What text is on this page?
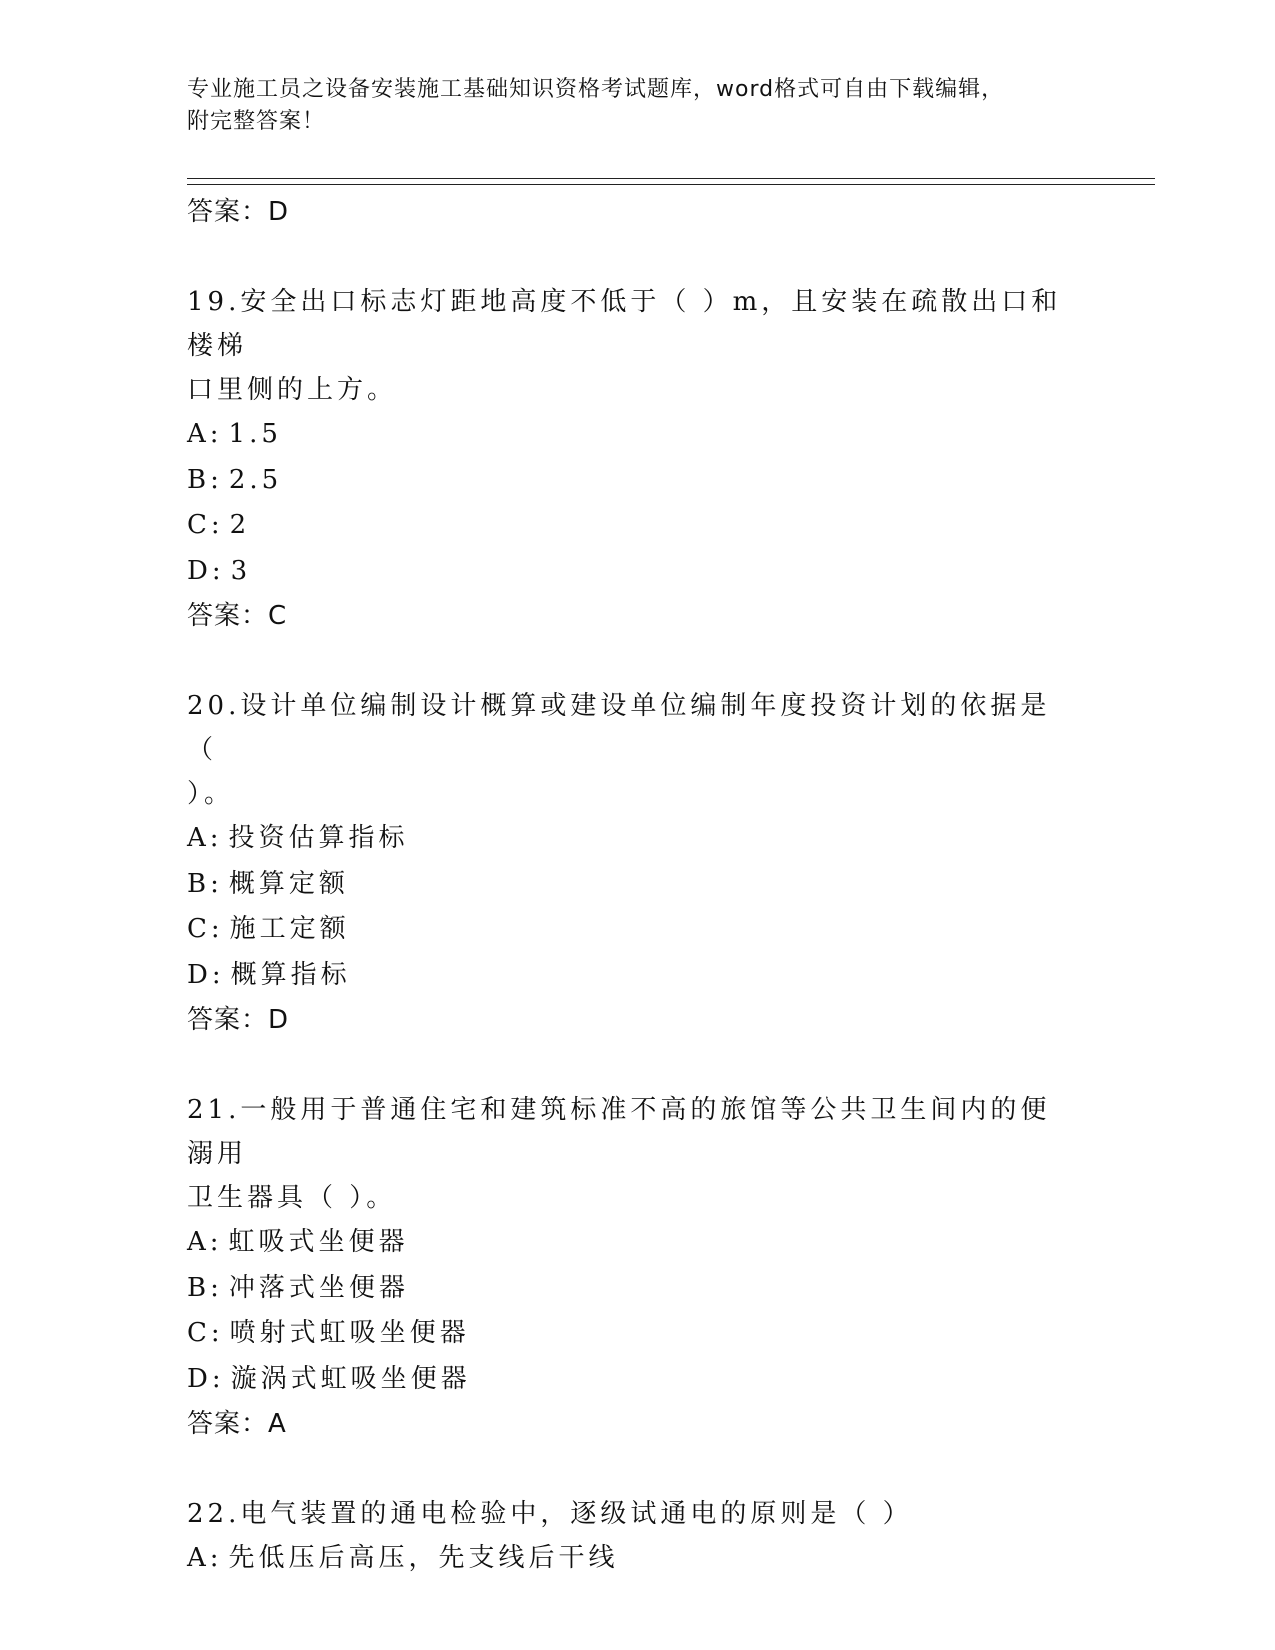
专业施工员之设备安装施工基础知识资格考试题库，word格式可自由下载编辑，
附完整答案！
答案：D
19.安全出口标志灯距地高度不低于（ ）m，且安装在疏散出口和楼梯
口里侧的上方。
A: 1.5
B: 2.5
C: 2
D: 3
答案：C
20.设计单位编制设计概算或建设单位编制年度投资计划的依据是（
）。
A: 投资估算指标
B: 概算定额
C: 施工定额
D: 概算指标
答案：D
21.一般用于普通住宅和建筑标准不高的旅馆等公共卫生间内的便溺用
卫生器具（ ）。
A: 虹吸式坐便器
B: 冲落式坐便器
C: 喷射式虹吸坐便器
D: 漩涡式虹吸坐便器
答案：A
22.电气装置的通电检验中，逐级试通电的原则是（ ）
A: 先低压后高压，先支线后干线
